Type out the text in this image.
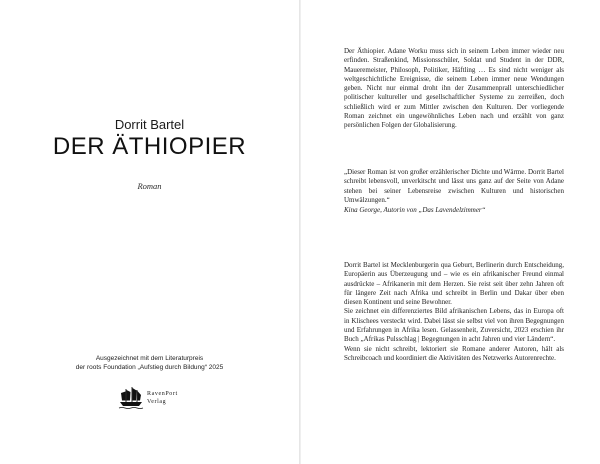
Dorrit Bartel
DER ÄTHIOPIER
Roman
Ausgezeichnet mit dem Literaturpreis
der roots Foundation „Aufstieg durch Bildung“ 2025
RavenPort
Verlag
Der Äthiopier. Adane Worku muss sich in seinem Leben immer wieder neu erfinden. Straßenkind, Missionsschüler, Soldat und Student in der DDR, Maueremeister, Philosoph, Politiker, Häftling … Es sind nicht weniger als weltgeschichtliche Ereignisse, die seinem Leben immer neue Wendungen geben. Nicht nur einmal droht ihn der Zusammenprall unterschiedlicher politischer kultureller und gesellschaftlicher Systeme zu zerreißen, doch schließlich wird er zum Mittler zwischen den Kulturen. Der vorliegende Roman zeichnet ein ungewöhnliches Leben nach und erzählt von ganz persönlichen Folgen der Globalisierung.
„Dieser Roman ist von großer erzählerischer Dichte und Wärme. Dorrit Bartel schreibt lebensvoll, unverkitscht und lässt uns ganz auf der Seite von Adane stehen bei seiner Lebensreise zwischen Kulturen und historischen Umwälzungen.“
Kina George, Autorin von „Das Lavendelzimmer“

Dorrit Bartel ist Mecklenburgerin qua Geburt, Berlinerin durch Entscheidung, Europäerin aus Überzeugung und – wie es ein afrikanischer Freund einmal ausdrückte – Afrikanerin mit dem Herzen. Sie reist seit über zehn Jahren oft für längere Zeit nach Afrika und schreibt in Berlin und Dakar über eben diesen Kontinent und seine Bewohner.

Sie zeichnet ein differenziertes Bild afrikanischen Lebens, das in Europa oft in Klischees versteckt wird. Dabei lässt sie selbst viel von ihren Begegnungen und Erfahrungen in Afrika lesen. Gelassenheit, Zuversicht, 2023 erschien ihr Buch „Afrikas Pulsschlag | Begegnungen in acht Jahren und vier Ländern“.

Wenn sie nicht schreibt, lektoriert sie Romane anderer Autoren, hält als Schreibcoach und koordiniert die Aktivitäten des Netzwerks Autorenrechte.
